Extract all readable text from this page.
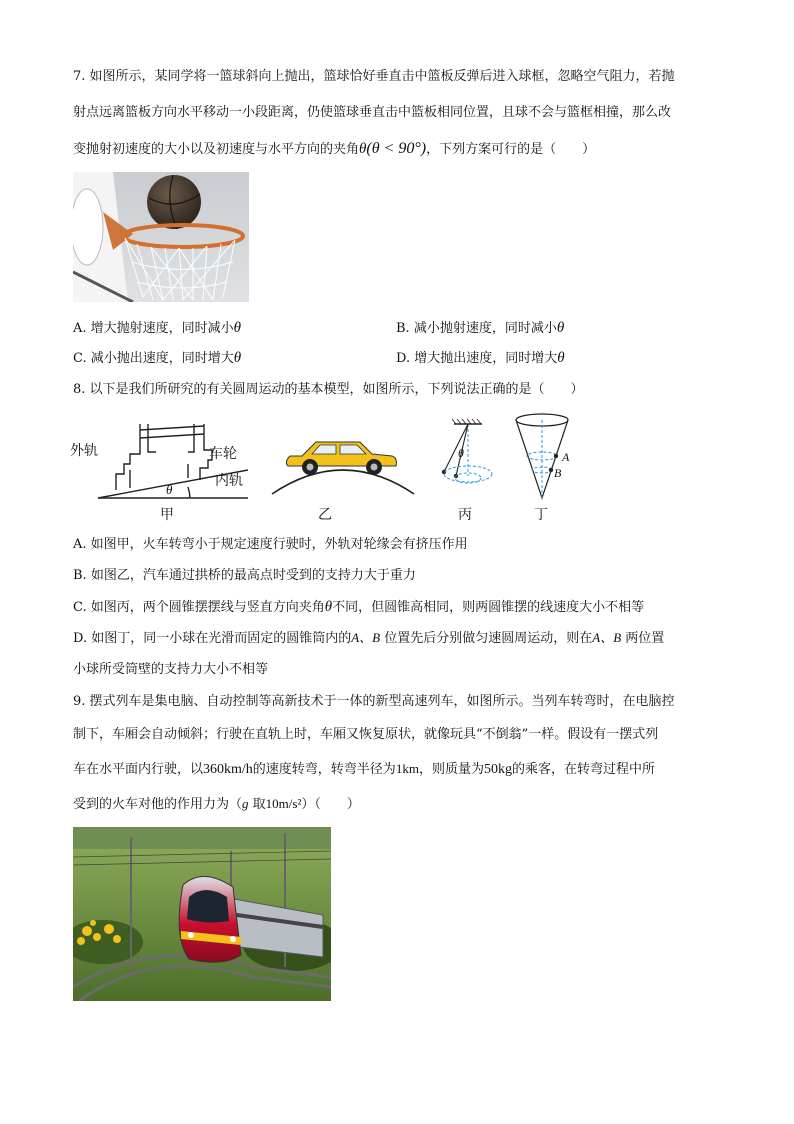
7. 如图所示，某同学将一篮球斜向上抛出，篮球恰好垂直击中篮板反弹后进入球框，忽略空气阻力，若抛
射点远离篮板方向水平移动一小段距离，仍使篮球垂直击中篮板相同位置，且球不会与篮框相撞，那么改
变抛射初速度的大小以及初速度与水平方向的夹角θ(θ < 90°)，下列方案可行的是（　　）
A. 增大抛射速度，同时减小θ	B. 减小抛射速度，同时减小θ
C. 减小抛出速度，同时增大θ	D. 增大抛出速度，同时增大θ
8. 以下是我们所研究的有关圆周运动的基本模型，如图所示，下列说法正确的是（　　）
外轨	车轮
内轨
θ
甲	乙
θ
丙
A
B
丁
A. 如图甲，火车转弯小于规定速度行驶时，外轨对轮缘会有挤压作用
B. 如图乙，汽车通过拱桥的最高点时受到的支持力大于重力
C. 如图丙，两个圆锥摆摆线与竖直方向夹角θ不同，但圆锥高相同，则两圆锥摆的线速度大小不相等
D. 如图丁，同一小球在光滑而固定的圆锥筒内的A、B 位置先后分别做匀速圆周运动，则在A、B 两位置
小球所受筒壁的支持力大小不相等
9. 摆式列车是集电脑、自动控制等高新技术于一体的新型高速列车，如图所示。当列车转弯时，在电脑控
制下，车厢会自动倾斜；行驶在直轨上时，车厢又恢复原状，就像玩具“不倒翁”一样。假设有一摆式列
车在水平面内行驶，以360km/h的速度转弯，转弯半径为1km，则质量为50kg的乘客，在转弯过程中所
受到的火车对他的作用力为（g 取10m/s²）（　　）
